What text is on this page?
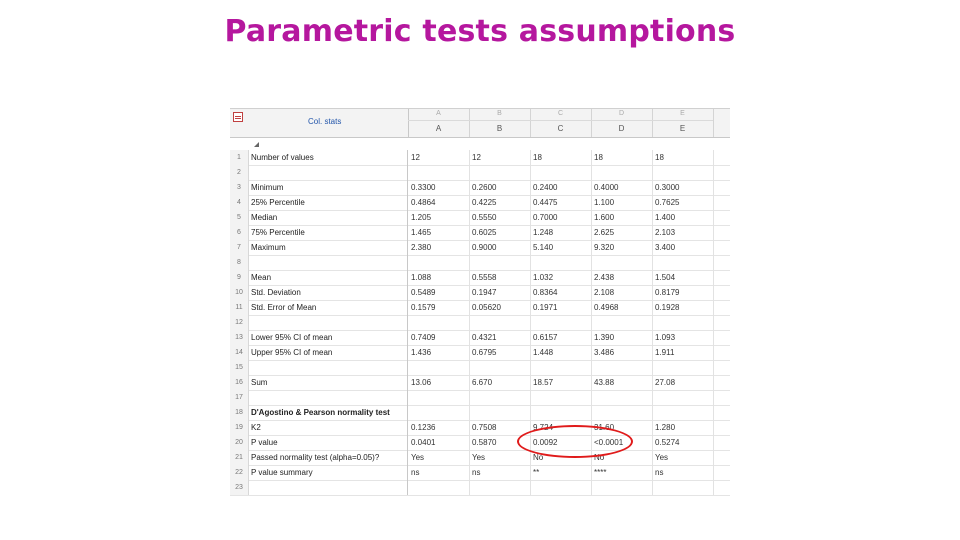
Parametric tests assumptions
Col. stats
A
A
B
B
C
C
D
D
E
E
1	Number of values	12	12	18	18	18
2
3	Minimum	0.3300	0.2600	0.2400	0.4000	0.3000
4	25% Percentile	0.4864	0.4225	0.4475	1.100	0.7625
5	Median	1.205	0.5550	0.7000	1.600	1.400
6	75% Percentile	1.465	0.6025	1.248	2.625	2.103
7	Maximum	2.380	0.9000	5.140	9.320	3.400
8
9	Mean	1.088	0.5558	1.032	2.438	1.504
10	Std. Deviation	0.5489	0.1947	0.8364	2.108	0.8179
11	Std. Error of Mean	0.1579	0.05620	0.1971	0.4968	0.1928
12
13	Lower 95% CI of mean	0.7409	0.4321	0.6157	1.390	1.093
14	Upper 95% CI of mean	1.436	0.6795	1.448	3.486	1.911
15
16	Sum	13.06	6.670	18.57	43.88	27.08
17
18	D'Agostino & Pearson normality test
19	K2	0.1236	0.7508	9.724	31.60	1.280
20	P value	0.0401	0.5870	0.0092	<0.0001	0.5274
21	Passed normality test (alpha=0.05)?	Yes	Yes	No	No	Yes
22	P value summary	ns	ns	**	****	ns
23
